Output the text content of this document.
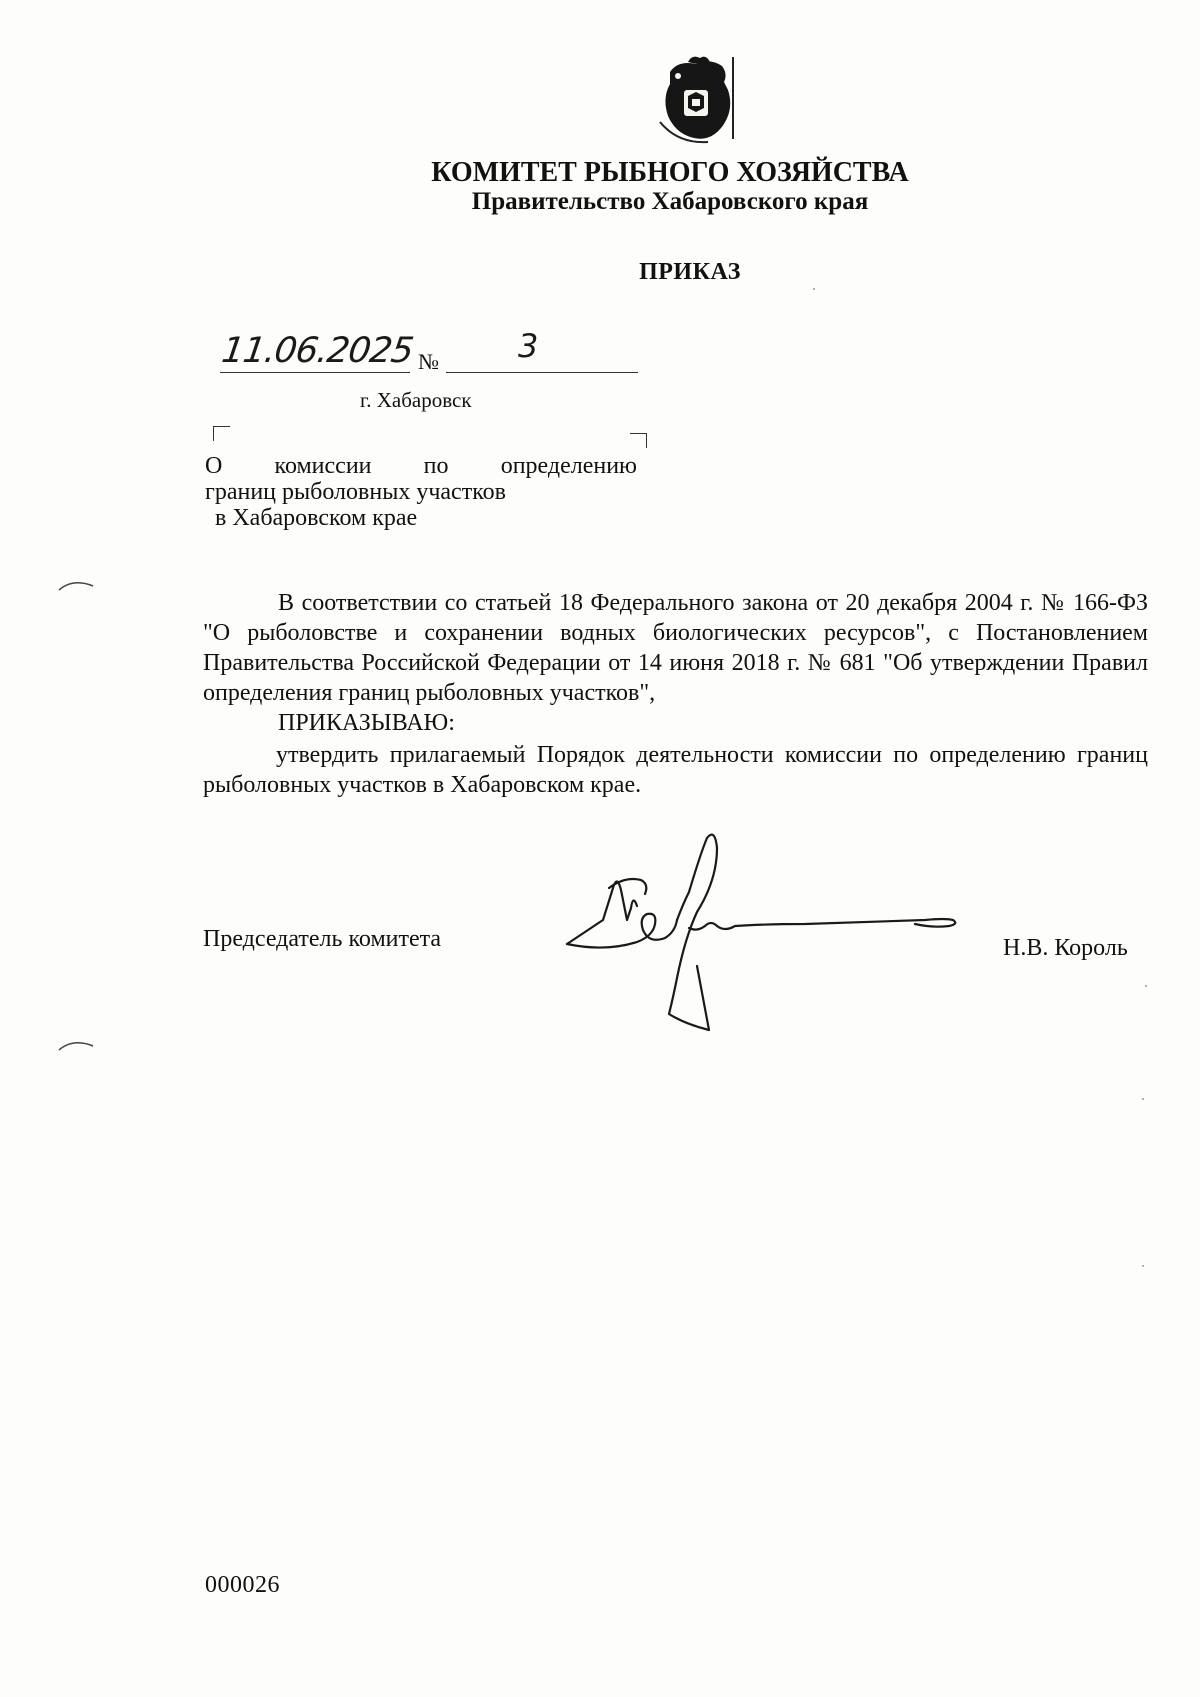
КОМИТЕТ РЫБНОГО ХОЗЯЙСТВА
Правительство Хабаровского края
ПРИКАЗ
11.06.2025 № 3
г. Хабаровск
О комиссии по определению
границ рыболовных участков
в Хабаровском крае
В соответствии со статьей 18 Федерального закона от 20 декабря 2004 г. № 166-ФЗ "О рыболовстве и сохранении водных биологических ресурсов", с Постановлением Правительства Российской Федерации от 14 июня 2018 г. № 681 "Об утверждении Правил определения границ рыболовных участков",
ПРИКАЗЫВАЮ:
утвердить прилагаемый Порядок деятельности комиссии по определению границ рыболовных участков в Хабаровском крае.
Председатель комитета	Н.В. Король
000026
